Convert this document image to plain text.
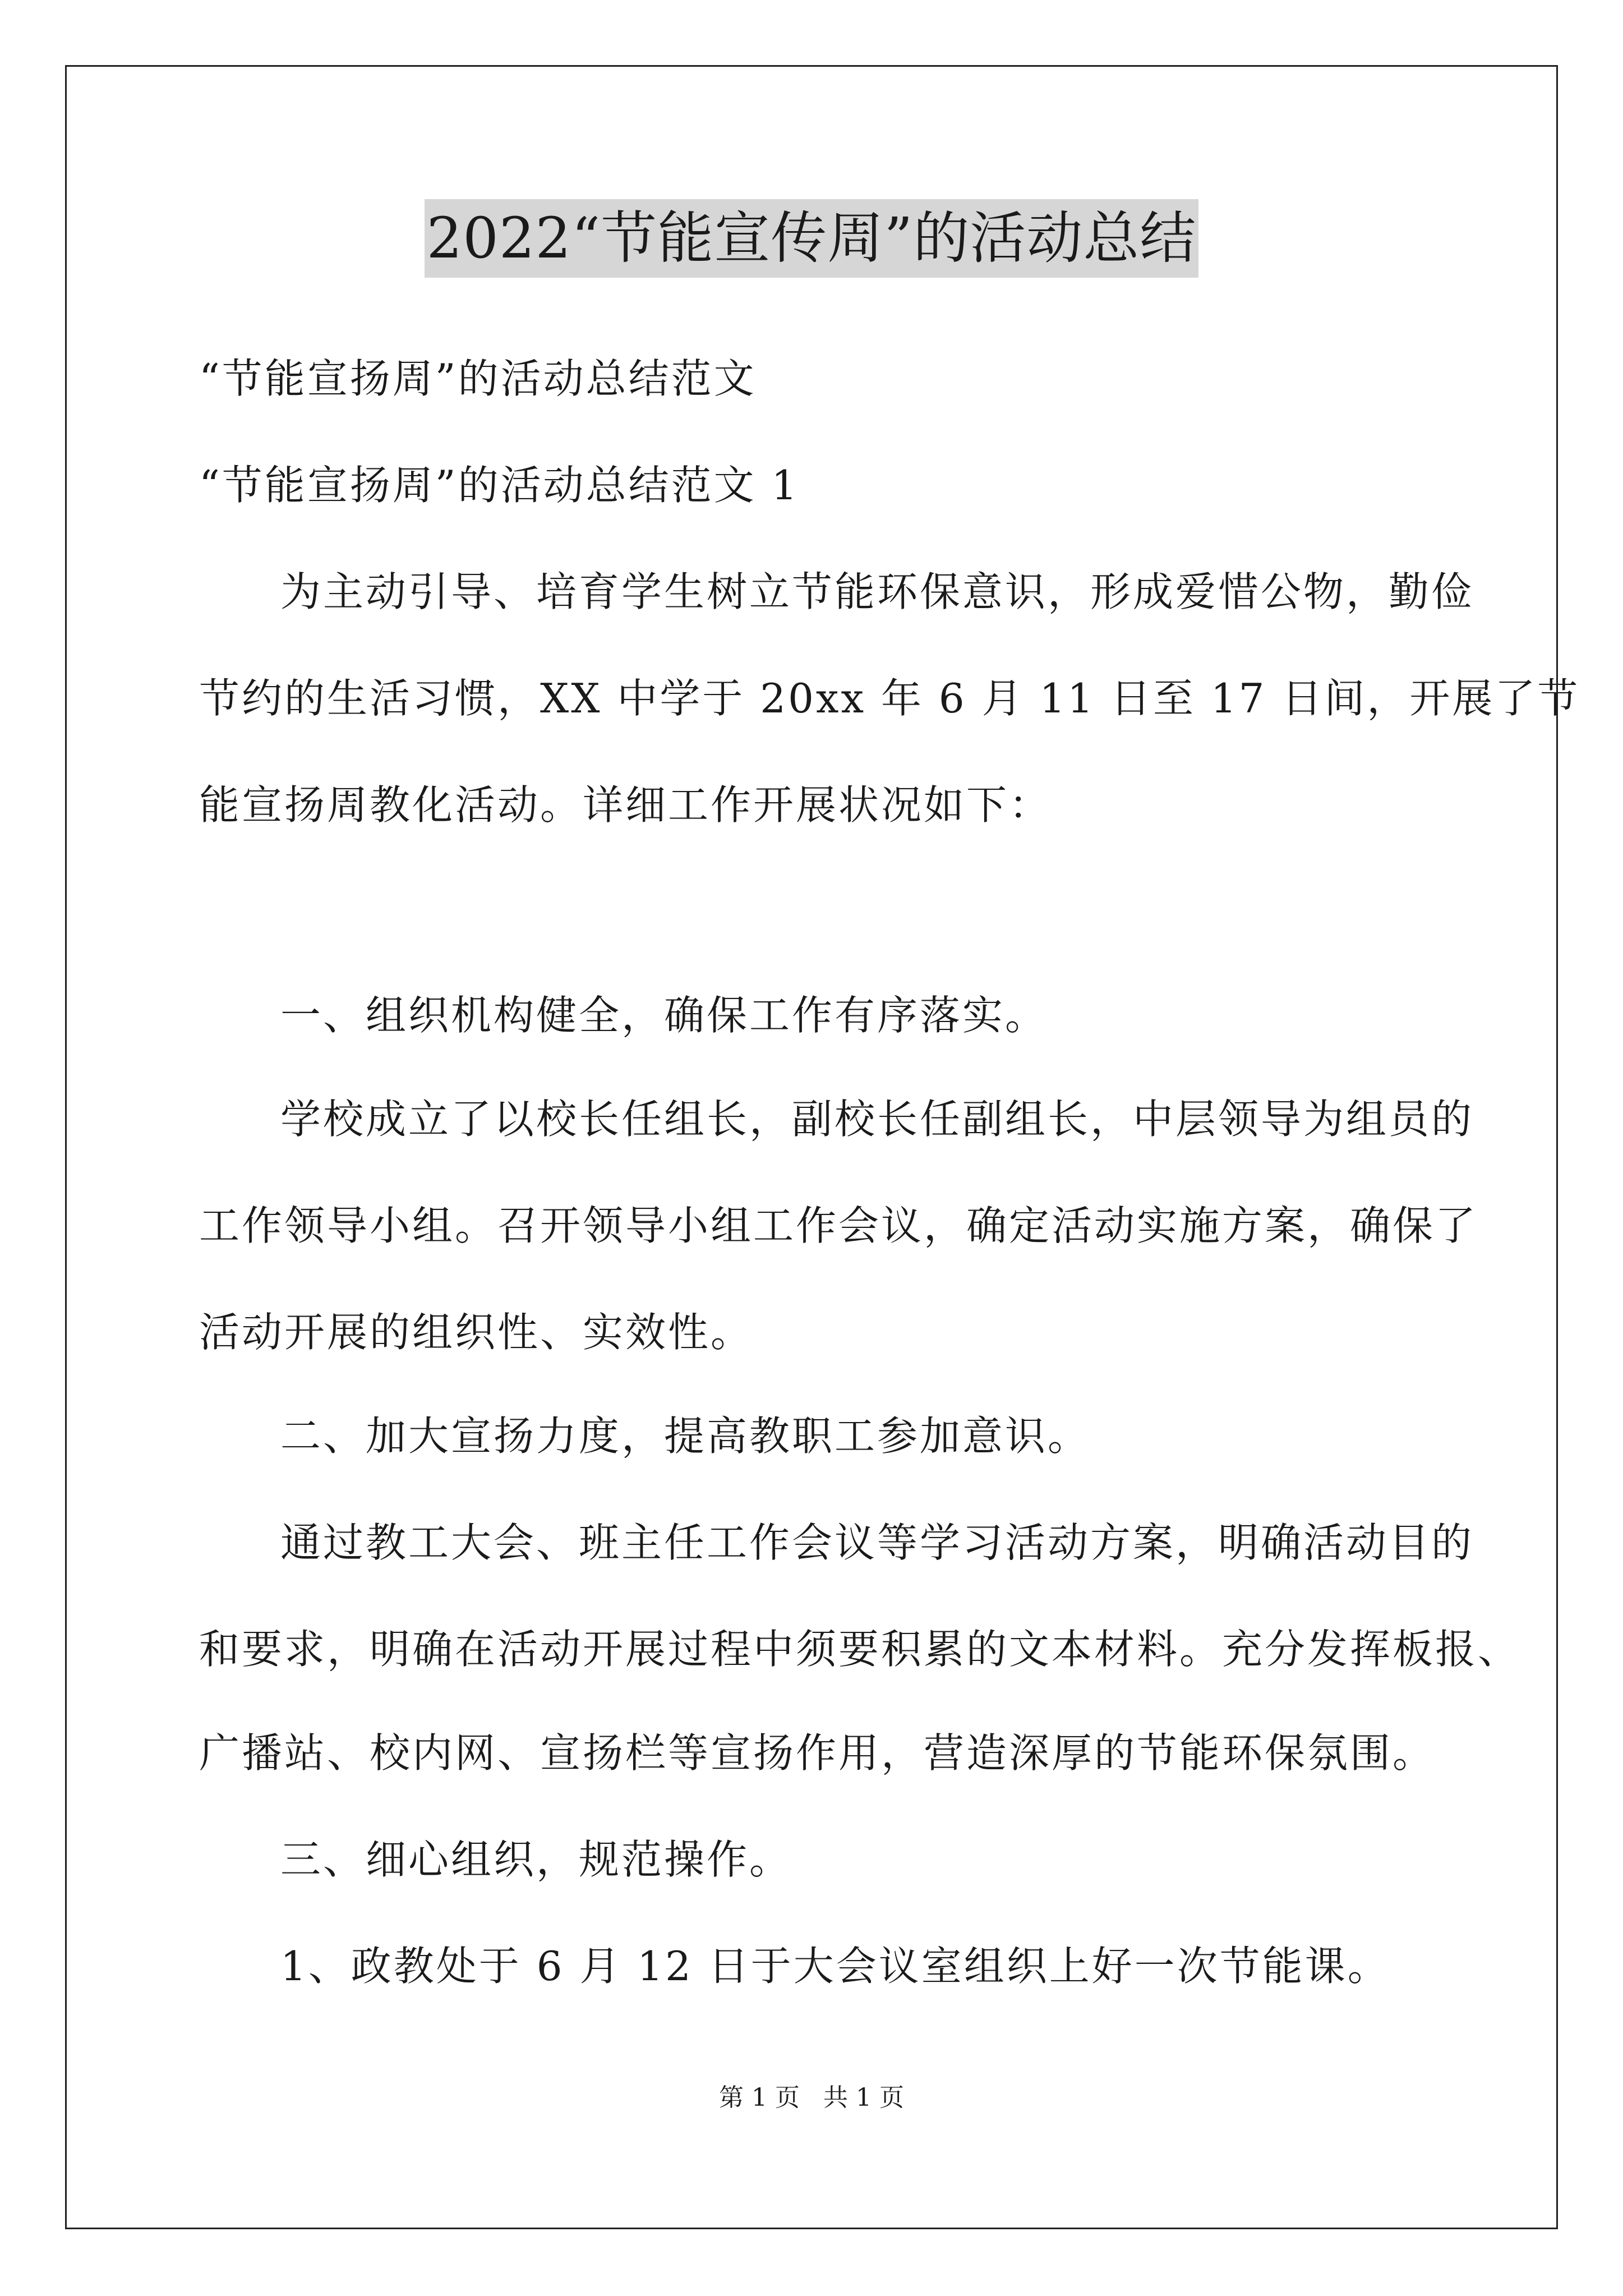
2022“节能宣传周”的活动总结
“节能宣扬周”的活动总结范文
“节能宣扬周”的活动总结范文 1
为主动引导、培育学生树立节能环保意识，形成爱惜公物，勤俭
节约的生活习惯，XX 中学于 20xx 年 6 月 11 日至 17 日间，开展了节
能宣扬周教化活动。详细工作开展状况如下：
一、组织机构健全，确保工作有序落实。
学校成立了以校长任组长，副校长任副组长，中层领导为组员的
工作领导小组。召开领导小组工作会议，确定活动实施方案，确保了
活动开展的组织性、实效性。
二、加大宣扬力度，提高教职工参加意识。
通过教工大会、班主任工作会议等学习活动方案，明确活动目的
和要求，明确在活动开展过程中须要积累的文本材料。充分发挥板报、
广播站、校内网、宣扬栏等宣扬作用，营造深厚的节能环保氛围。
三、细心组织，规范操作。
1、政教处于 6 月 12 日于大会议室组织上好一次节能课。
第 1 页   共 1 页
